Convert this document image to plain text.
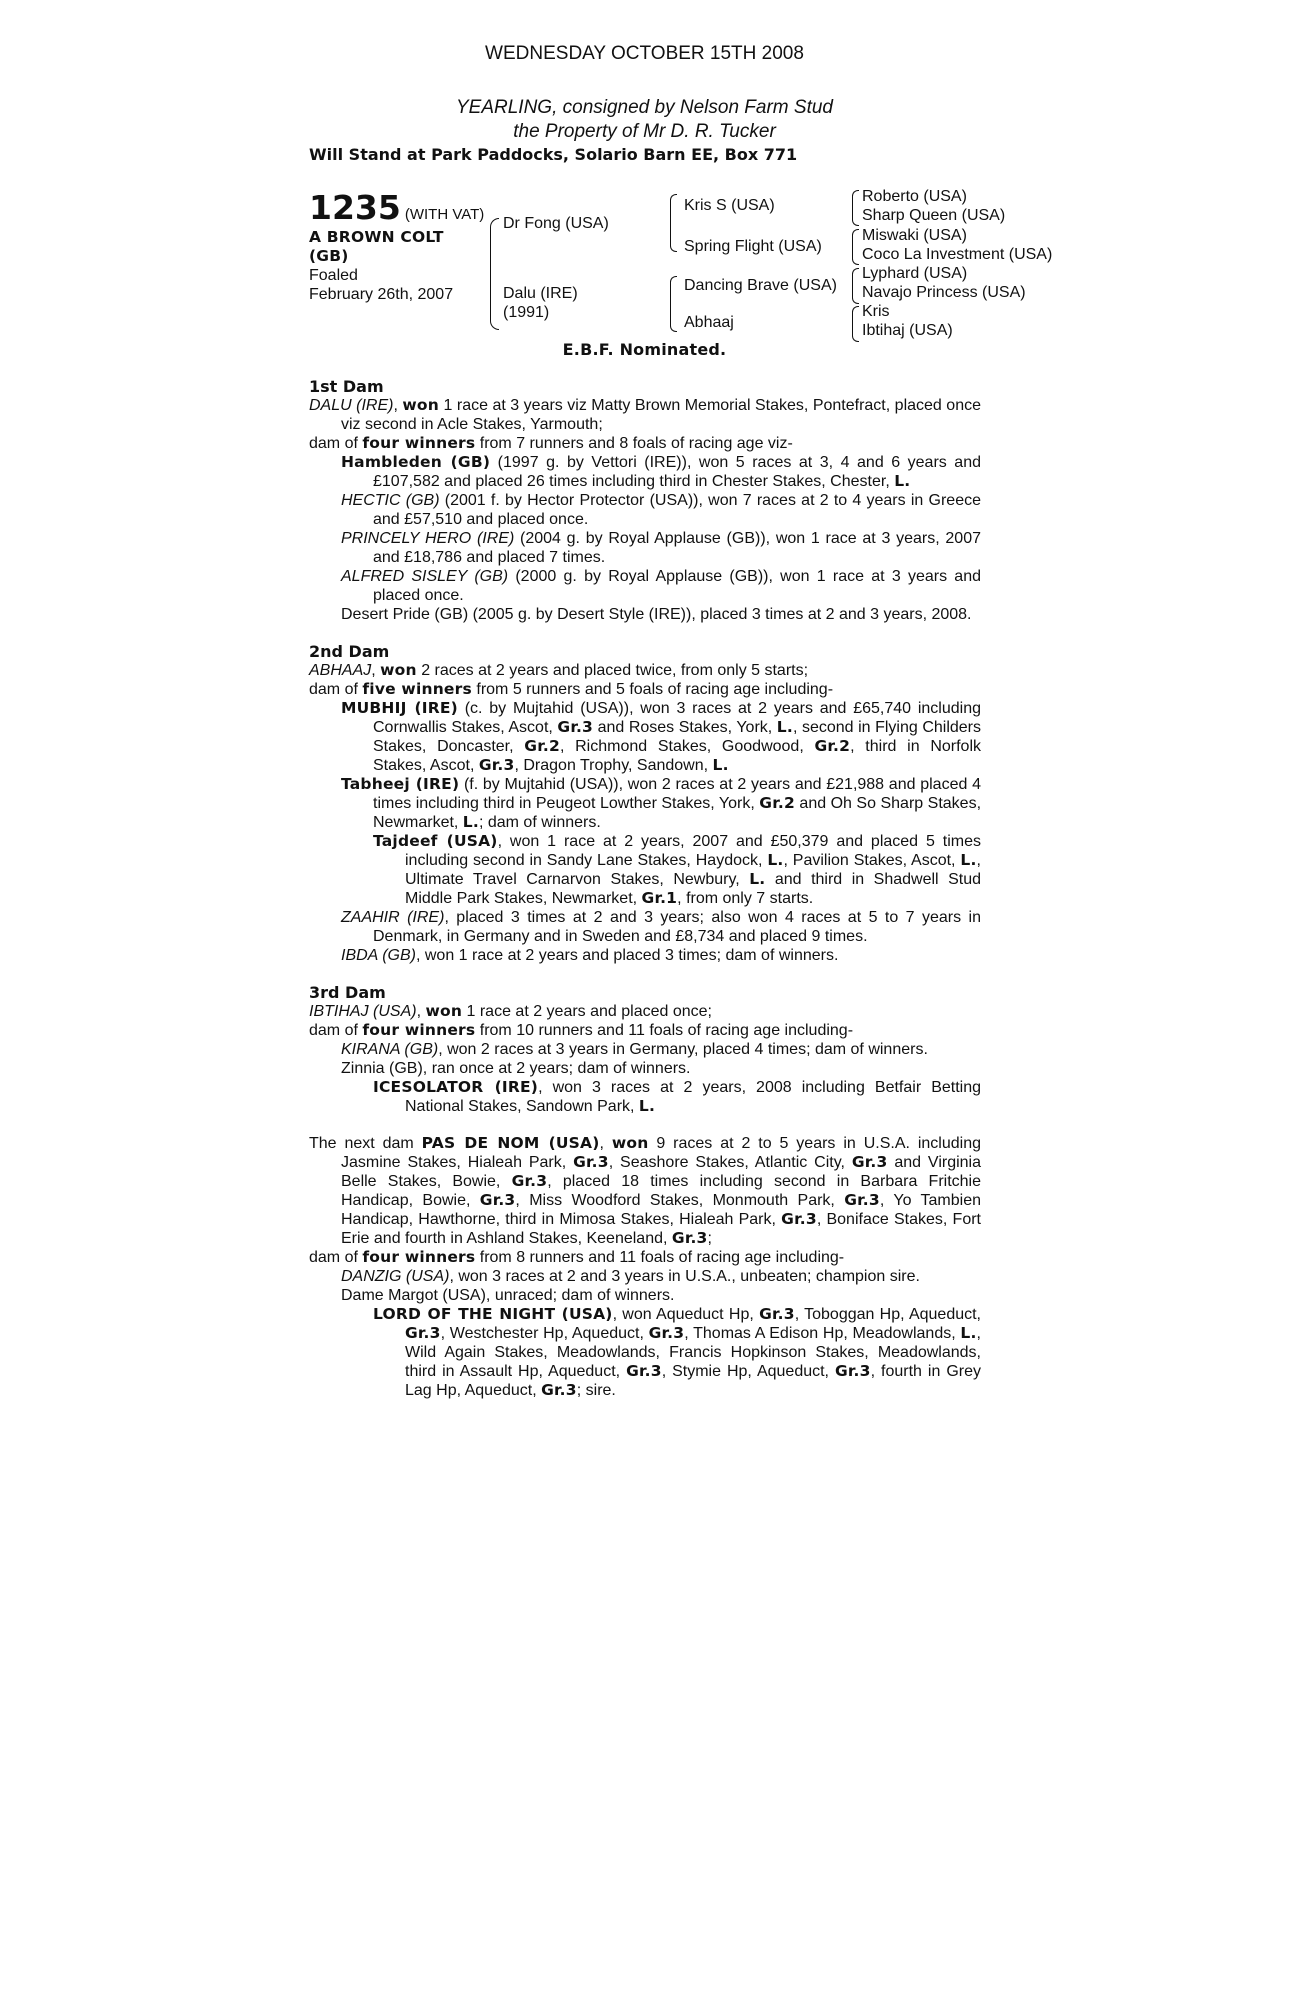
WEDNESDAY OCTOBER 15TH 2008
YEARLING, consigned by Nelson Farm Stud
the Property of Mr D. R. Tucker
Will Stand at Park Paddocks, Solario Barn EE, Box 771
1235 (WITH VAT)
A BROWN COLT
(GB)
Foaled
February 26th, 2007
Dr Fong (USA)
Dalu (IRE)
(1991)
Kris S (USA)
Spring Flight (USA)
Dancing Brave (USA)
Abhaaj
Roberto (USA)
Sharp Queen (USA)
Miswaki (USA)
Coco La Investment (USA)
Lyphard (USA)
Navajo Princess (USA)
Kris
Ibtihaj (USA)
E.B.F. Nominated.
1st Dam
DALU (IRE), won 1 race at 3 years viz Matty Brown Memorial Stakes, Pontefract, placed once viz second in Acle Stakes, Yarmouth;
dam of four winners from 7 runners and 8 foals of racing age viz-
Hambleden (GB) (1997 g. by Vettori (IRE)), won 5 races at 3, 4 and 6 years and £107,582 and placed 26 times including third in Chester Stakes, Chester, L.
HECTIC (GB) (2001 f. by Hector Protector (USA)), won 7 races at 2 to 4 years in Greece and £57,510 and placed once.
PRINCELY HERO (IRE) (2004 g. by Royal Applause (GB)), won 1 race at 3 years, 2007 and £18,786 and placed 7 times.
ALFRED SISLEY (GB) (2000 g. by Royal Applause (GB)), won 1 race at 3 years and placed once.
Desert Pride (GB) (2005 g. by Desert Style (IRE)), placed 3 times at 2 and 3 years, 2008.
2nd Dam
ABHAAJ, won 2 races at 2 years and placed twice, from only 5 starts;
dam of five winners from 5 runners and 5 foals of racing age including-
MUBHIJ (IRE) (c. by Mujtahid (USA)), won 3 races at 2 years and £65,740 including Cornwallis Stakes, Ascot, Gr.3 and Roses Stakes, York, L., second in Flying Childers Stakes, Doncaster, Gr.2, Richmond Stakes, Goodwood, Gr.2, third in Norfolk Stakes, Ascot, Gr.3, Dragon Trophy, Sandown, L.
Tabheej (IRE) (f. by Mujtahid (USA)), won 2 races at 2 years and £21,988 and placed 4 times including third in Peugeot Lowther Stakes, York, Gr.2 and Oh So Sharp Stakes, Newmarket, L.; dam of winners.
Tajdeef (USA), won 1 race at 2 years, 2007 and £50,379 and placed 5 times including second in Sandy Lane Stakes, Haydock, L., Pavilion Stakes, Ascot, L., Ultimate Travel Carnarvon Stakes, Newbury, L. and third in Shadwell Stud Middle Park Stakes, Newmarket, Gr.1, from only 7 starts.
ZAAHIR (IRE), placed 3 times at 2 and 3 years; also won 4 races at 5 to 7 years in Denmark, in Germany and in Sweden and £8,734 and placed 9 times.
IBDA (GB), won 1 race at 2 years and placed 3 times; dam of winners.
3rd Dam
IBTIHAJ (USA), won 1 race at 2 years and placed once;
dam of four winners from 10 runners and 11 foals of racing age including-
KIRANA (GB), won 2 races at 3 years in Germany, placed 4 times; dam of winners.
Zinnia (GB), ran once at 2 years; dam of winners.
ICESOLATOR (IRE), won 3 races at 2 years, 2008 including Betfair Betting National Stakes, Sandown Park, L.
The next dam PAS DE NOM (USA), won 9 races at 2 to 5 years in U.S.A. including Jasmine Stakes, Hialeah Park, Gr.3, Seashore Stakes, Atlantic City, Gr.3 and Virginia Belle Stakes, Bowie, Gr.3, placed 18 times including second in Barbara Fritchie Handicap, Bowie, Gr.3, Miss Woodford Stakes, Monmouth Park, Gr.3, Yo Tambien Handicap, Hawthorne, third in Mimosa Stakes, Hialeah Park, Gr.3, Boniface Stakes, Fort Erie and fourth in Ashland Stakes, Keeneland, Gr.3;
dam of four winners from 8 runners and 11 foals of racing age including-
DANZIG (USA), won 3 races at 2 and 3 years in U.S.A., unbeaten; champion sire.
Dame Margot (USA), unraced; dam of winners.
LORD OF THE NIGHT (USA), won Aqueduct Hp, Gr.3, Toboggan Hp, Aqueduct, Gr.3, Westchester Hp, Aqueduct, Gr.3, Thomas A Edison Hp, Meadowlands, L., Wild Again Stakes, Meadowlands, Francis Hopkinson Stakes, Meadowlands, third in Assault Hp, Aqueduct, Gr.3, Stymie Hp, Aqueduct, Gr.3, fourth in Grey Lag Hp, Aqueduct, Gr.3; sire.
